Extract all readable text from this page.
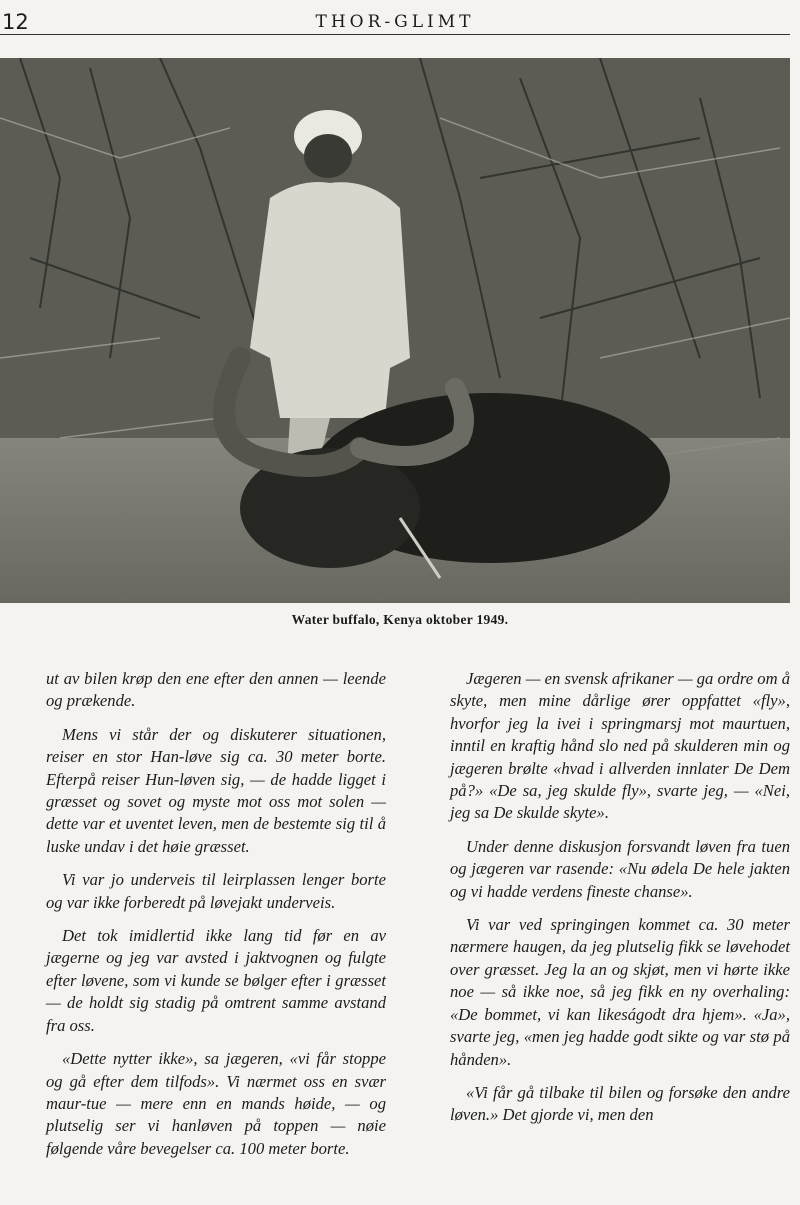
12	THOR-GLIMT
Water buffalo, Kenya oktober 1949.

ut av bilen krøp den ene efter den annen — leende og prækende.

Mens vi står der og diskuterer situationen, reiser en stor Han-løve sig ca. 30 meter borte. Efterpå reiser Hun-løven sig, — de hadde ligget i græsset og sovet og myste mot oss mot solen — dette var et uventet leven, men de bestemte sig til å luske undav i det høie græsset.

Vi var jo underveis til leirplassen lenger borte og var ikke forberedt på løvejakt underveis.

Det tok imidlertid ikke lang tid før en av jægerne og jeg var avsted i jaktvognen og fulgte efter løvene, som vi kunde se bølger efter i græsset — de holdt sig stadig på omtrent samme avstand fra oss.

«Dette nytter ikke», sa jægeren, «vi får stoppe og gå efter dem tilfods». Vi nærmet oss en svær maur-tue — mere enn en mands høide, — og plutselig ser vi hanløven på toppen — nøie følgende våre bevegelser ca. 100 meter borte.

Jægeren — en svensk afrikaner — ga ordre om å skyte, men mine dårlige ører oppfattet «fly», hvorfor jeg la ivei i springmarsj mot maurtuen, inntil en kraftig hånd slo ned på skulderen min og jægeren brølte «hvad i allverden innlater De Dem på?» «De sa, jeg skulde fly», svarte jeg, — «Nei, jeg sa De skulde skyte».

Under denne diskusjon forsvandt løven fra tuen og jægeren var rasende: «Nu ødela De hele jakten og vi hadde verdens fineste chanse».

Vi var ved springingen kommet ca. 30 meter nærmere haugen, da jeg plutselig fikk se løvehodet over græsset. Jeg la an og skjøt, men vi hørte ikke noe — så ikke noe, så jeg fikk en ny overhaling: «De bommet, vi kan likeságodt dra hjem». «Ja», svarte jeg, «men jeg hadde godt sikte og var stø på hånden».

«Vi får gå tilbake til bilen og forsøke den andre løven.» Det gjorde vi, men den
